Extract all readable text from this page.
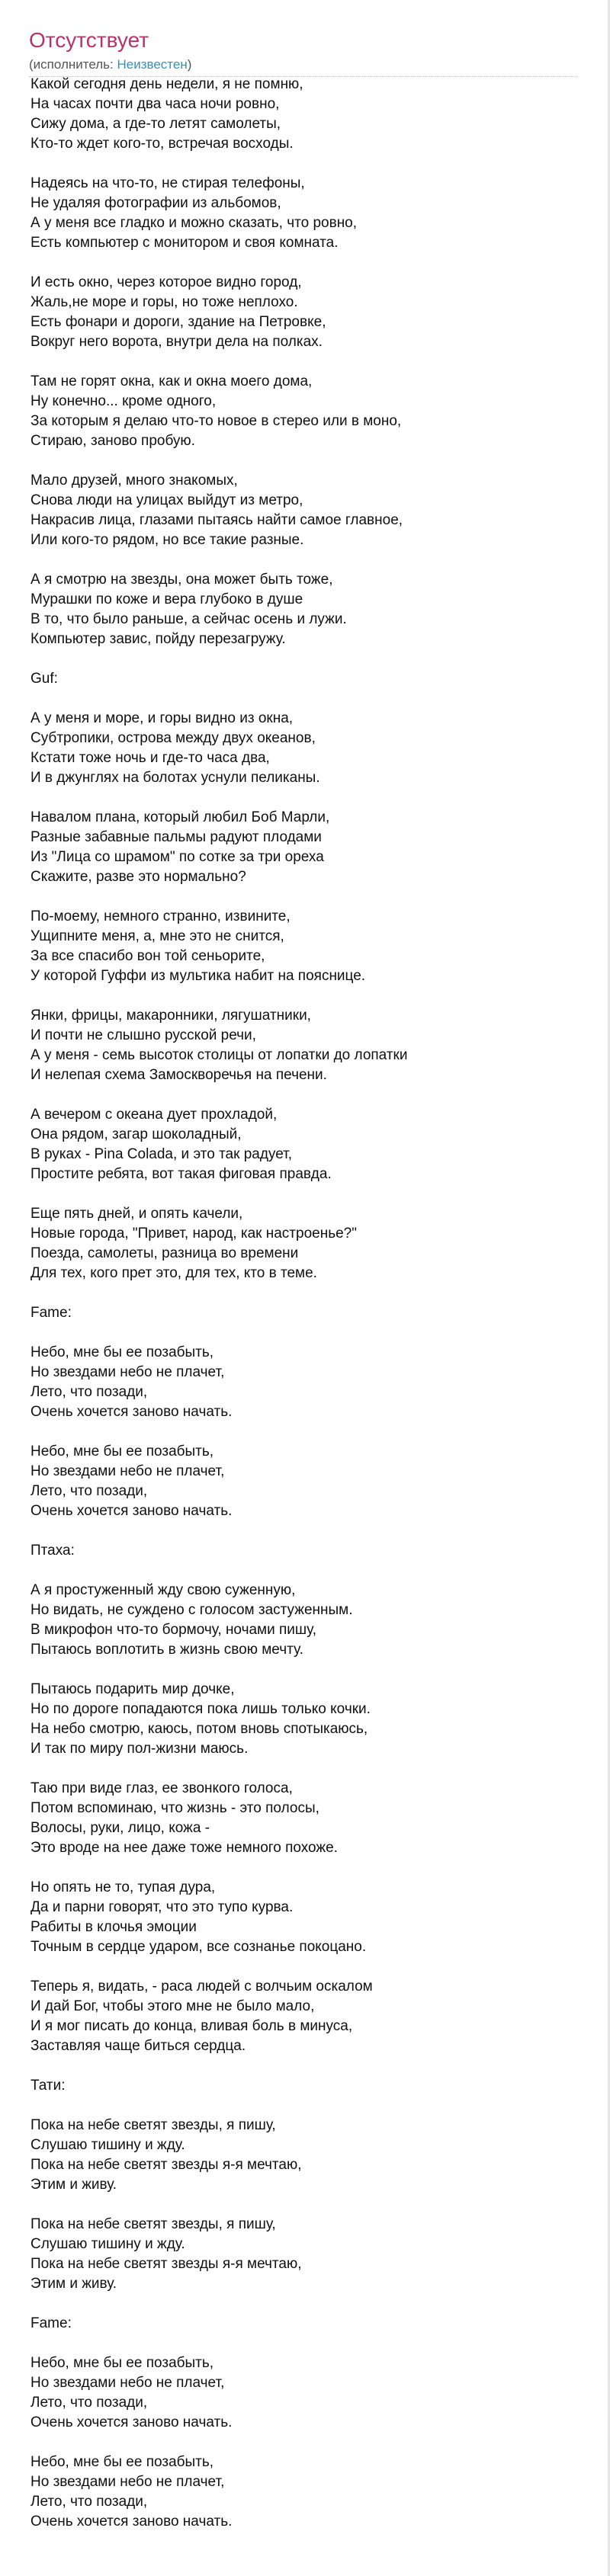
Отсутствует
(исполнитель: Неизвестен)
Какой сегодня день недели, я не помню,
На часах почти два часа ночи ровно,
Сижу дома, а где-то летят самолеты,
Кто-то ждет кого-то, встречая восходы.
Надеясь на что-то, не стирая телефоны,
Не удаляя фотографии из альбомов,
А у меня все гладко и можно сказать, что ровно,
Есть компьютер с монитором и своя комната.
И есть окно, через которое видно город,
Жаль,не море и горы, но тоже неплохо.
Есть фонари и дороги, здание на Петровке,
Вокруг него ворота, внутри дела на полках.
Там не горят окна, как и окна моего дома,
Ну конечно... кроме одного,
За которым я делаю что-то новое в стерео или в моно,
Стираю, заново пробую.
Мало друзей, много знакомых,
Снова люди на улицах выйдут из метро,
Накрасив лица, глазами пытаясь найти самое главное,
Или кого-то рядом, но все такие разные.
А я смотрю на звезды, она может быть тоже,
Мурашки по коже и вера глубоко в душе
В то, что было раньше, а сейчас осень и лужи.
Компьютер завис, пойду перезагружу.
Guf:
А у меня и море, и горы видно из окна,
Субтропики, острова между двух океанов,
Кстати тоже ночь и где-то часа два,
И в джунглях на болотах уснули пеликаны.
Навалом плана, который любил Боб Марли,
Разные забавные пальмы радуют плодами
Из "Лица со шрамом" по сотке за три ореха
Скажите, разве это нормально?
По-моему, немного странно, извините,
Ущипните меня, а, мне это не снится,
За все спасибо вон той сеньорите,
У которой Гуффи из мультика набит на пояснице.
Янки, фрицы, макаронники, лягушатники,
И почти не слышно русской речи,
А у меня - семь высоток столицы от лопатки до лопатки
И нелепая схема Замоскворечья на печени.
А вечером с океана дует прохладой,
Она рядом, загар шоколадный,
В руках - Pina Colada, и это так радует,
Простите ребята, вот такая фиговая правда.
Еще пять дней, и опять качели,
Новые города, "Привет, народ, как настроенье?"
Поезда, самолеты, разница во времени
Для тех, кого прет это, для тех, кто в теме.
Fame:
Небо, мне бы ее позабыть,
Но звездами небо не плачет,
Лето, что позади,
Очень хочется заново начать.
Небо, мне бы ее позабыть,
Но звездами небо не плачет,
Лето, что позади,
Очень хочется заново начать.
Птаха:
А я простуженный жду свою суженную,
Но видать, не суждено с голосом застуженным.
В микрофон что-то бормочу, ночами пишу,
Пытаюсь воплотить в жизнь свою мечту.
Пытаюсь подарить мир дочке,
Но по дороге попадаются пока лишь только кочки.
На небо смотрю, каюсь, потом вновь спотыкаюсь,
И так по миру пол-жизни маюсь.
Таю при виде глаз, ее звонкого голоса,
Потом вспоминаю, что жизнь - это полосы,
Волосы, руки, лицо, кожа -
Это вроде на нее даже тоже немного похоже.
Но опять не то, тупая дура,
Да и парни говорят, что это тупо курва.
Рабиты в клочья эмоции
Точным в сердце ударом, все сознанье покоцано.
Теперь я, видать, - раса людей с волчьим оскалом
И дай Бог, чтобы этого мне не было мало,
И я мог писать до конца, вливая боль в минуса,
Заставляя чаще биться сердца.
Тати:
Пока на небе светят звезды, я пишу,
Слушаю тишину и жду.
Пока на небе светят звезды я-я мечтаю,
Этим и живу.
Пока на небе светят звезды, я пишу,
Слушаю тишину и жду.
Пока на небе светят звезды я-я мечтаю,
Этим и живу.
Fame:
Небо, мне бы ее позабыть,
Но звездами небо не плачет,
Лето, что позади,
Очень хочется заново начать.
Небо, мне бы ее позабыть,
Но звездами небо не плачет,
Лето, что позади,
Очень хочется заново начать.
